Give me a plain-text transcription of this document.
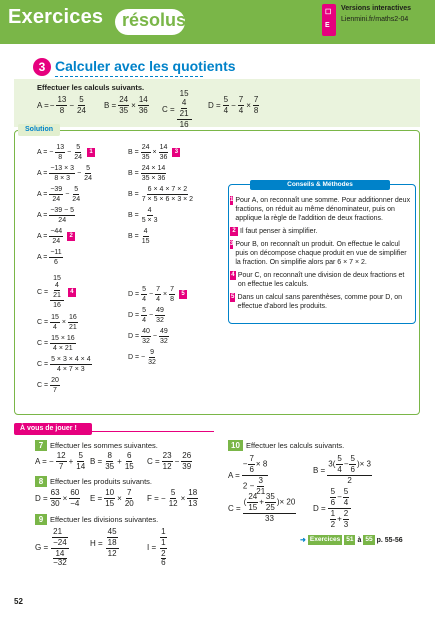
Exercices résolus	☐
E
Versions interactives
Lienmini.fr/maths2-04
3 Calculer avec les quotients
Effectuer les calculs suivants.
A = − $\frac{13}{8} - \frac{5}{24}$ $B = \frac{24}{35} \times \frac{14}{36}$ C = 15
4
21
16 $D = \frac{5}{4} - \frac{7}{4} \times \frac{7}{8}$
Solution
A = − $\frac{13}{8} - \frac{5}{24}$	1
$A = \frac{-13 \times 3}{8 \times 3} - \frac{5}{24}$
$A = \frac{-39}{24} - \frac{5}{24}$
$A = \frac{-39 - 5}{24}$
$A = \frac{-44}{24}$	2
$A = \frac{-11}{6}$
$B = \frac{24}{35} \times \frac{14}{36}$	3
$B = \frac{24 \times 14}{35 \times 36}$
$B = \frac{6 \times 4 \times 7 \times 2}{7 \times 5 \times 6 \times 3 \times 2}$
$B = \frac{4}{5 \times 3}$
$B = \frac{4}{15}$
C = 15
4
21
16	4
$C = \frac{15}{4} \times \frac{16}{21}$
$C = \frac{15 \times 16}{4 \times 21}$
$C = \frac{5 \times 3 \times 4 \times 4}{4 \times 7 \times 3}$
$C = \frac{20}{7}$
$D = \frac{5}{4} - \frac{7}{4} \times \frac{7}{8}$	5
$D = \frac{5}{4} - \frac{49}{32}$
$D = \frac{40}{32} - \frac{49}{32}$
D = − $\frac{9}{32}$
Conseils & Méthodes
1 Pour A, on reconnaît une somme. Pour additionner deux fractions, on réduit au même dénominateur, puis on applique la règle de l'addition de deux fractions.
2 Il faut penser à simplifier.
3 Pour B, on reconnaît un produit. On effectue le calcul puis on décompose chaque produit en vue de simplifier la fraction. On simplifie alors par 6 × 7 × 2.
4 Pour C, on reconnaît une division de deux fractions et on effectue les calculs.
5 Dans un calcul sans parenthèses, comme pour D, on effectue d'abord les produits.
À vous de jouer !
7 Effectuer les sommes suivantes.
A = − $\frac{12}{7} + \frac{5}{14}$ $B = \frac{8}{35} + \frac{6}{15}$ $C = \frac{23}{12} - \frac{26}{39}$
8 Effectuer les produits suivants.
$D = \frac{63}{30} \times \frac{60}{-4}$ $E = \frac{10}{15} \times \frac{7}{20}$ F = − $\frac{5}{12} \times \frac{18}{13}$
9 Effectuer les divisions suivantes.
G = 21
−24
14
−32	H = 45
18
12	I = 1
1
2
6
10 Effectuer les calculs suivants.
$A = \frac{- \frac{7}{6} \times 8}{2 - \frac{3}{21}}$	$B = \frac{3( \frac{5}{4} - \frac{5}{6} )\times 3}{2}$
$C = \frac{( \frac{24}{15} + \frac{35}{25} )\times 20}{33}$ $D = \frac{\frac{5}{6} - \frac{5}{4}}{\frac{1}{2} + \frac{2}{3}}$
➜ Exercices 51 à 55 p. 55-56
52
